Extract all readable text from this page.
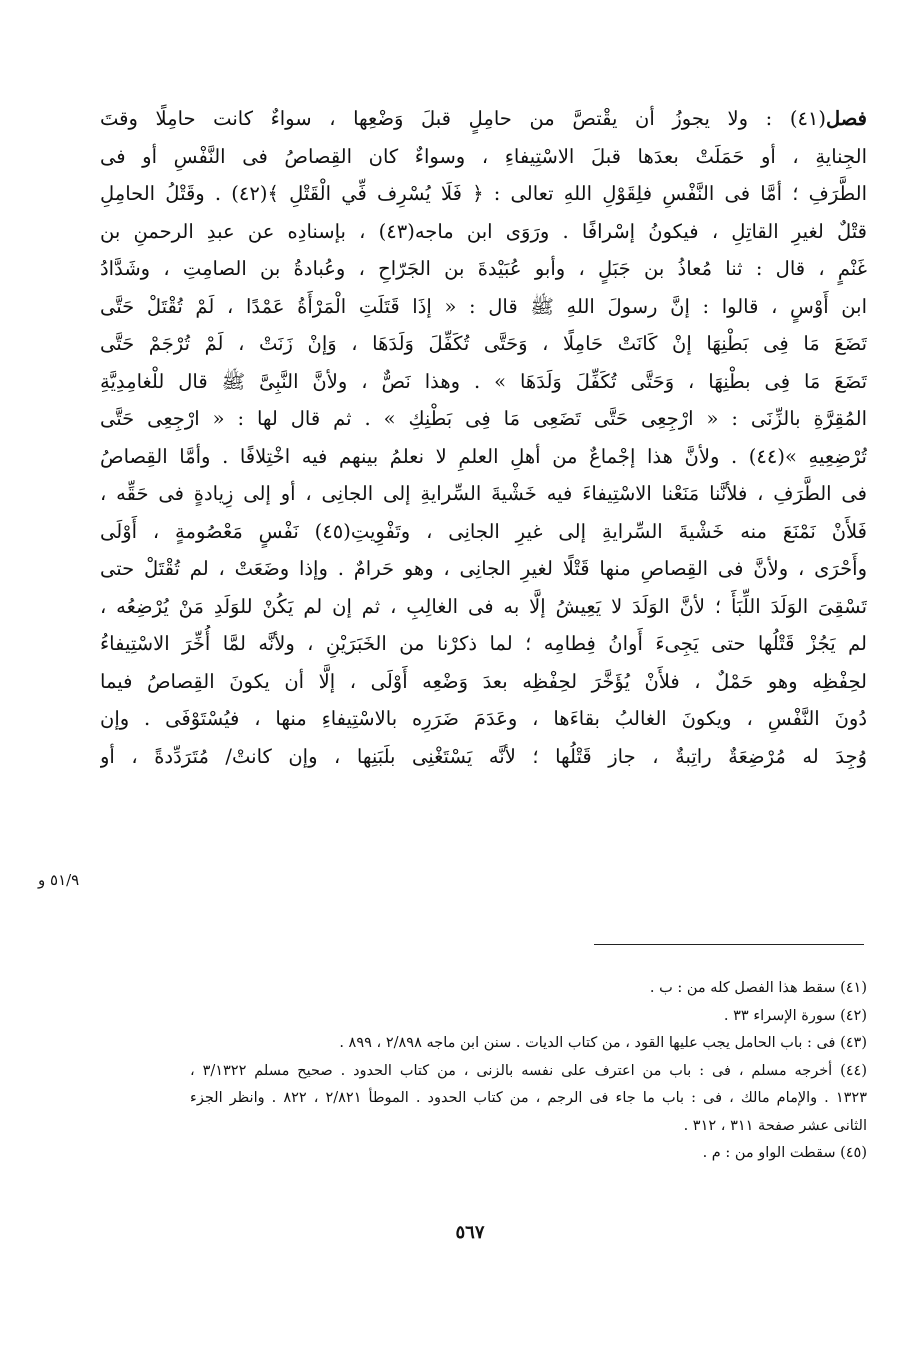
فصل(٤١) : ولا يجوزُ أن يقْتصَّ من حامِلٍ قبلَ وَضْعِها ، سواءٌ كانت حامِلًا وقتَ
الجِنايةِ ، أو حَمَلَتْ بعدَها قبلَ الاسْتِيفاءِ ، وسواءٌ كان القِصاصُ فى النَّفْسِ أو فى
الطَّرَفِ ؛ أمَّا فى النَّفْسِ فلِقَوْلِ اللهِ تعالى : ﴿ فَلَا يُسْرِف فِّي الْقَتْلِ ﴾(٤٢) . وقَتْلُ الحامِلِ
قتْلٌ لغيرِ القاتِلِ ، فيكونُ إسْرافًا . ورَوَى ابن ماجه(٤٣) ، بإسنادِه عن عبدِ الرحمنِ بن
غَنْمٍ ، قال : ثنا مُعاذُ بن جَبَلٍ ، وأبو عُبَيْدةَ بن الجَرّاحِ ، وعُبادةُ بن الصامِتِ ، وشَدَّادُ
ابن أَوْسٍ ، قالوا : إنَّ رسولَ اللهِ ﷺ قال : « إذَا قَتَلَتِ الْمَرْأَةُ عَمْدًا ، لَمْ تُقْتَلْ حَتَّى
تَضَعَ مَا فِى بَطْنِهَا إنْ كَانَتْ حَامِلًا ، وَحَتَّى تُكَفِّلَ وَلَدَهَا ، وَإنْ زَنَتْ ، لَمْ تُرْجَمْ حَتَّى
تَضَعَ مَا فِى بطْنِهَا ، وَحَتَّى تُكَفِّلَ وَلَدَهَا » . وهذا نَصٌّ ، ولأنَّ النَّبِىَّ ﷺ قال للْغامِدِيَّةِ
المُقِرَّةِ بالزِّنَى : « ارْجِعِى حَتَّى تَضَعِى مَا فِى بَطْنِكِ » . ثم قال لها : « ارْجِعِى حَتَّى
تُرْضِعِيهِ »(٤٤) . ولأنَّ هذا إجْماعٌ من أهلِ العلمِ لا نعلمُ بينهم فيه اخْتِلافًا . وأمَّا القِصاصُ
فى الطَّرَفِ ، فلأنَّنا مَنَعْنا الاسْتِيفاءَ فيه خَشْيةَ السِّرايةِ إلى الجانِى ، أو إلى زِيادةٍ فى حَقِّه ،
فَلأَنْ نَمْنَعَ منه خَشْيةَ السِّرايةِ إلى غيرِ الجانِى ، وتَفْوِيتِ(٤٥) نَفْسٍ مَعْصُومةٍ ، أَوْلَى
وأَحْرَى ، ولأنَّ فى القِصاصِ منها قَتْلًا لغيرِ الجانِى ، وهو حَرامٌ . وإذا وضَعَتْ ، لم تُقْتَلْ حتى
تَسْقِىَ الوَلَدَ اللِّبَأَ ؛ لأنَّ الوَلَدَ لا يَعِيشُ إلَّا به فى الغالِبِ ، ثم إن لم يَكُنْ للوَلَدِ مَنْ يُرْضِعُه ،
لم يَجُزْ قَتْلُها حتى يَجِىءَ أَوانُ فِطامِه ؛ لما ذكرْنا من الخَبَرَيْنِ ، ولأنَّه لمَّا أُخِّرَ الاسْتِيفاءُ
لحِفْظِه وهو حَمْلٌ ، فلأَنْ يُؤَخَّرَ لحِفْظِه بعدَ وَضْعِه أَوْلَى ، إلَّا أن يكونَ القِصاصُ فيما
دُونَ النَّفْسِ ، ويكونَ الغالبُ بقاءَها ، وعَدَمَ ضَرَرِه بالاسْتِيفاءِ منها ، فيُسْتَوْفَى . وإن
وُجِدَ له مُرْضِعَةٌ راتِبةٌ ، جاز قَتْلُها ؛ لأنَّه يَسْتَغْنِى بلَبَنِها ، وإن كانتْ/ مُتَرَدِّدةً ، أو
٥١/٩ و
(٤١) سقط هذا الفصل كله من : ب .
(٤٢) سورة الإسراء ٣٣ .
(٤٣) فى : باب الحامل يجب عليها القود ، من كتاب الديات . سنن ابن ماجه ٢/٨٩٨ ، ٨٩٩ .
(٤٤) أخرجه مسلم ، فى : باب من اعترف على نفسه بالزنى ، من كتاب الحدود . صحيح مسلم ٣/١٣٢٢ ،
١٣٢٣ . والإمام مالك ، فى : باب ما جاء فى الرجم ، من كتاب الحدود . الموطأ ٢/٨٢١ ، ٨٢٢ . وانظر الجزء
الثانى عشر صفحة ٣١١ ، ٣١٢ .
(٤٥) سقطت الواو من : م .
٥٦٧
